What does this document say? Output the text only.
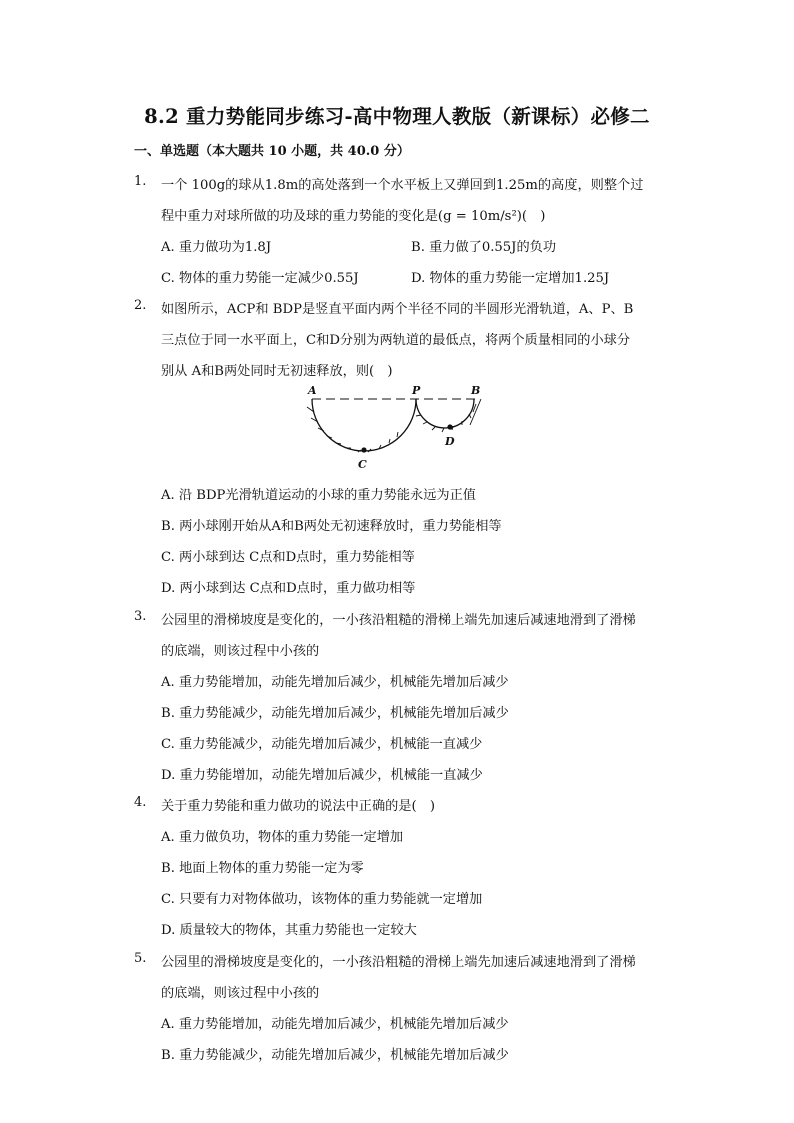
8.2 重力势能同步练习-高中物理人教版（新课标）必修二
一、单选题（本大题共 10 小题，共 40.0 分）
1. 一个 100g的球从1.8m的高处落到一个水平板上又弹回到1.25m的高度，则整个过
程中重力对球所做的功及球的重力势能的变化是(g = 10m/s²)(　)
A. 重力做功为1.8J	B. 重力做了0.55J的负功
C. 物体的重力势能一定减少0.55J	D. 物体的重力势能一定增加1.25J
2. 如图所示，ACP和 BDP是竖直平面内两个半径不同的半圆形光滑轨道，A、P、B
三点位于同一水平面上，C和D分别为两轨道的最低点，将两个质量相同的小球分
别从 A和B两处同时无初速释放，则(　)
A	P	B
C
D
A. 沿 BDP光滑轨道运动的小球的重力势能永远为正值
B. 两小球刚开始从A和B两处无初速释放时，重力势能相等
C. 两小球到达 C点和D点时，重力势能相等
D. 两小球到达 C点和D点时，重力做功相等
3. 公园里的滑梯坡度是变化的，一小孩沿粗糙的滑梯上端先加速后减速地滑到了滑梯
的底端，则该过程中小孩的
A. 重力势能增加，动能先增加后减少，机械能先增加后减少
B. 重力势能减少，动能先增加后减少，机械能先增加后减少
C. 重力势能减少，动能先增加后减少，机械能一直减少
D. 重力势能增加，动能先增加后减少，机械能一直减少
4. 关于重力势能和重力做功的说法中正确的是(　)
A. 重力做负功，物体的重力势能一定增加
B. 地面上物体的重力势能一定为零
C. 只要有力对物体做功，该物体的重力势能就一定增加
D. 质量较大的物体，其重力势能也一定较大
5. 公园里的滑梯坡度是变化的，一小孩沿粗糙的滑梯上端先加速后减速地滑到了滑梯
的底端，则该过程中小孩的
A. 重力势能增加，动能先增加后减少，机械能先增加后减少
B. 重力势能减少，动能先增加后减少，机械能先增加后减少
